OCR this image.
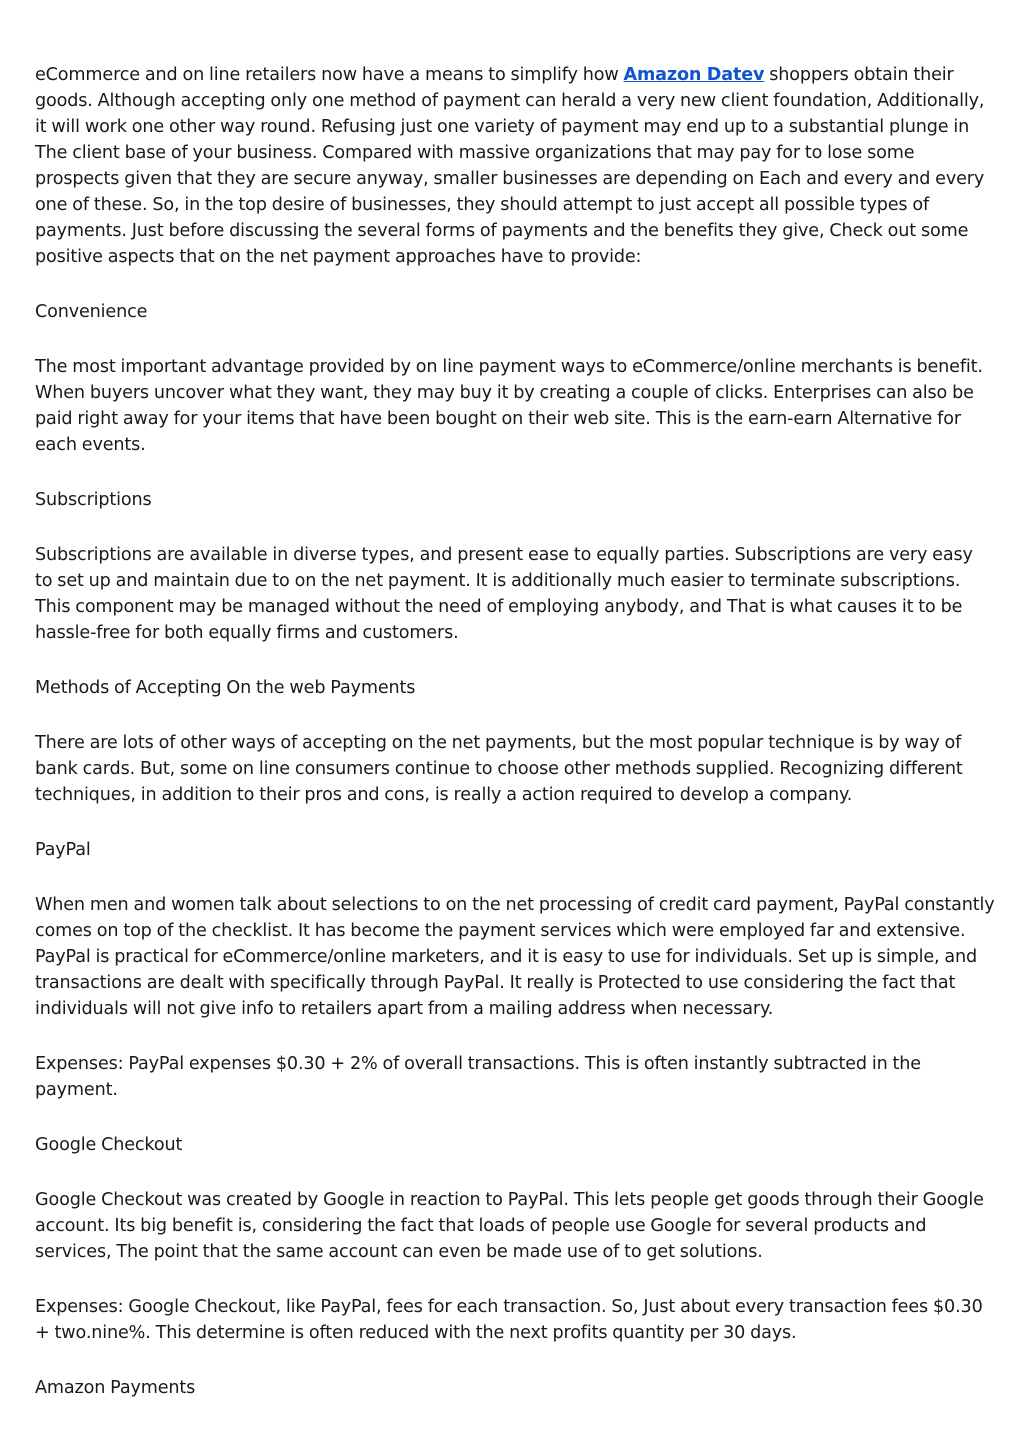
eCommerce and on line retailers now have a means to simplify how Amazon Datev shoppers obtain their goods. Although accepting only one method of payment can herald a very new client foundation, Additionally, it will work one other way round. Refusing just one variety of payment may end up to a substantial plunge in The client base of your business. Compared with massive organizations that may pay for to lose some prospects given that they are secure anyway, smaller businesses are depending on Each and every and every one of these. So, in the top desire of businesses, they should attempt to just accept all possible types of payments. Just before discussing the several forms of payments and the benefits they give, Check out some positive aspects that on the net payment approaches have to provide:

Convenience

The most important advantage provided by on line payment ways to eCommerce/online merchants is benefit. When buyers uncover what they want, they may buy it by creating a couple of clicks. Enterprises can also be paid right away for your items that have been bought on their web site. This is the earn-earn Alternative for each events.

Subscriptions

Subscriptions are available in diverse types, and present ease to equally parties. Subscriptions are very easy to set up and maintain due to on the net payment. It is additionally much easier to terminate subscriptions. This component may be managed without the need of employing anybody, and That is what causes it to be hassle-free for both equally firms and customers.

Methods of Accepting On the web Payments

There are lots of other ways of accepting on the net payments, but the most popular technique is by way of bank cards. But, some on line consumers continue to choose other methods supplied. Recognizing different techniques, in addition to their pros and cons, is really a action required to develop a company.

PayPal

When men and women talk about selections to on the net processing of credit card payment, PayPal constantly comes on top of the checklist. It has become the payment services which were employed far and extensive. PayPal is practical for eCommerce/online marketers, and it is easy to use for individuals. Set up is simple, and transactions are dealt with specifically through PayPal. It really is Protected to use considering the fact that individuals will not give info to retailers apart from a mailing address when necessary.

Expenses: PayPal expenses $0.30 + 2% of overall transactions. This is often instantly subtracted in the payment.

Google Checkout

Google Checkout was created by Google in reaction to PayPal. This lets people get goods through their Google account. Its big benefit is, considering the fact that loads of people use Google for several products and services, The point that the same account can even be made use of to get solutions.

Expenses: Google Checkout, like PayPal, fees for each transaction. So, Just about every transaction fees $0.30 + two.nine%. This determine is often reduced with the next profits quantity per 30 days.

Amazon Payments
